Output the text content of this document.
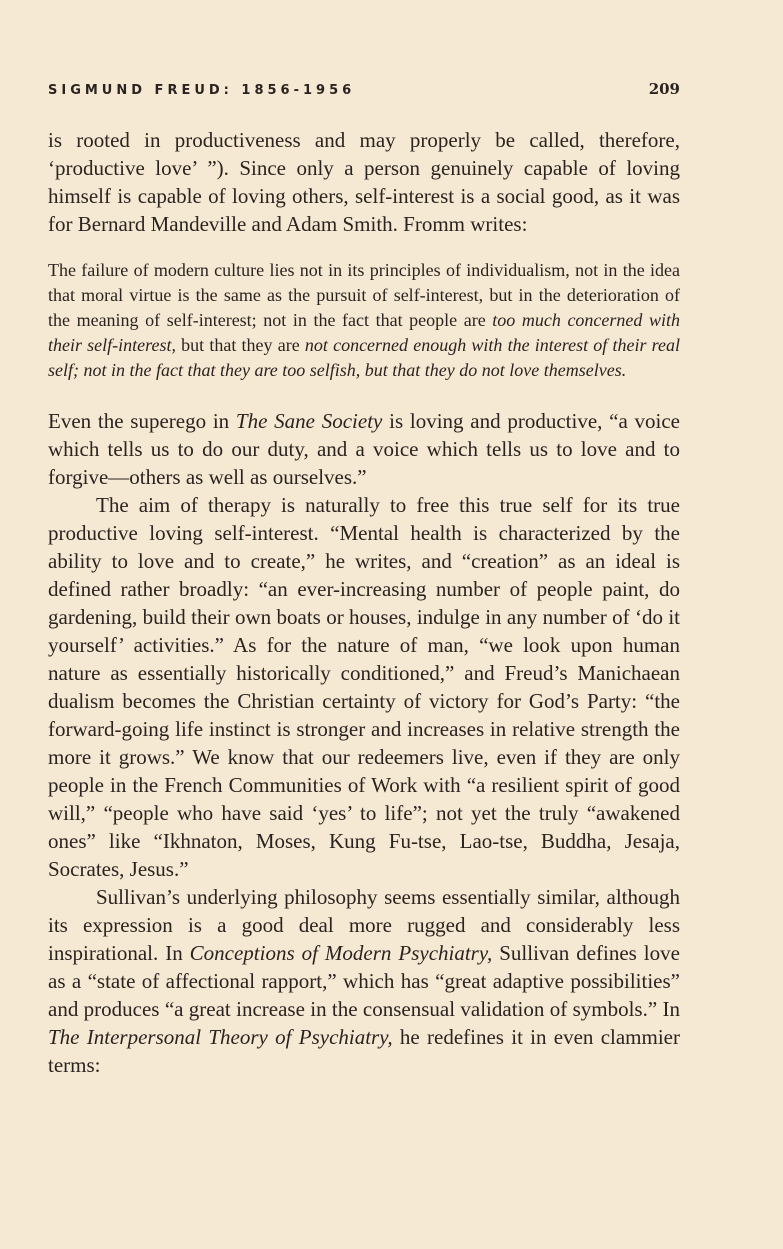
SIGMUND FREUD: 1856-1956	209

is rooted in productiveness and may properly be called, therefore, ‘productive love’ ”). Since only a person genuinely capable of loving himself is capable of loving others, self-interest is a social good, as it was for Bernard Mandeville and Adam Smith. Fromm writes:

The failure of modern culture lies not in its principles of individualism, not in the idea that moral virtue is the same as the pursuit of self-interest, but in the deterioration of the meaning of self-interest; not in the fact that people are too much concerned with their self-interest, but that they are not concerned enough with the interest of their real self; not in the fact that they are too selfish, but that they do not love themselves.

Even the superego in The Sane Society is loving and productive, “a voice which tells us to do our duty, and a voice which tells us to love and to forgive—others as well as ourselves.”

The aim of therapy is naturally to free this true self for its true productive loving self-interest. “Mental health is characterized by the ability to love and to create,” he writes, and “creation” as an ideal is defined rather broadly: “an ever-increasing number of people paint, do gardening, build their own boats or houses, indulge in any number of ‘do it yourself’ activities.” As for the nature of man, “we look upon human nature as essentially historically conditioned,” and Freud’s Manichaean dualism becomes the Christian certainty of victory for God’s Party: “the forward-going life instinct is stronger and increases in relative strength the more it grows.” We know that our redeemers live, even if they are only people in the French Communities of Work with “a resilient spirit of good will,” “people who have said ‘yes’ to life”; not yet the truly “awakened ones” like “Ikhnaton, Moses, Kung Fu-tse, Lao-tse, Buddha, Jesaja, Socrates, Jesus.”

Sullivan’s underlying philosophy seems essentially similar, although its expression is a good deal more rugged and considerably less inspirational. In Conceptions of Modern Psychiatry, Sullivan defines love as a “state of affectional rapport,” which has “great adaptive possibilities” and produces “a great increase in the consensual validation of symbols.” In The Interpersonal Theory of Psychiatry, he redefines it in even clammier terms:
